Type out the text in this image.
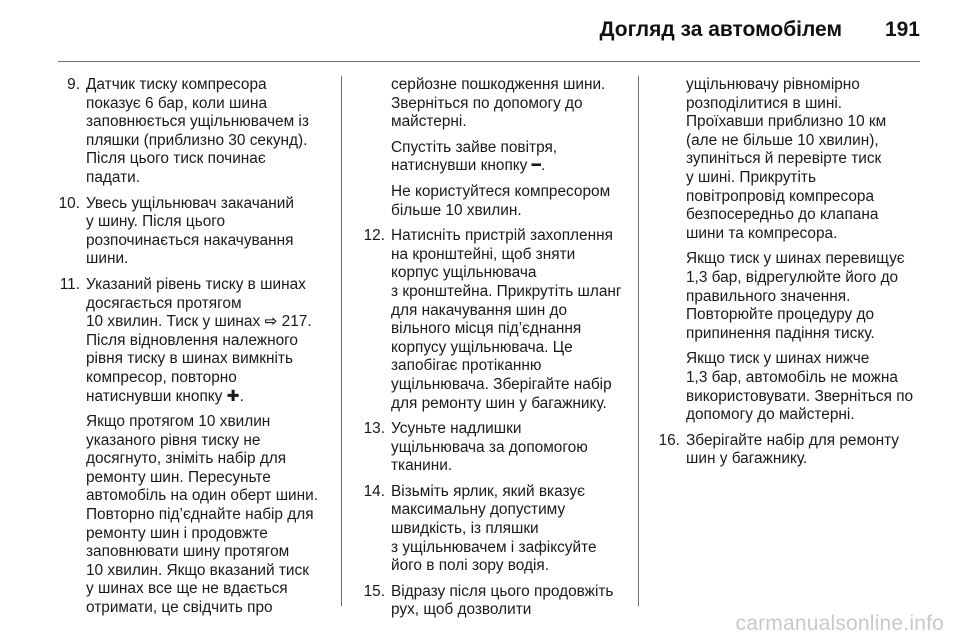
Догляд за автомобілем 191
9. Датчик тиску компресора
показує 6 бар, коли шина
заповнюється ущільнювачем із
пляшки (приблизно 30 секунд).
Після цього тиск починає
падати.
10. Увесь ущільнювач закачаний
у шину. Після цього
розпочинається накачування
шини.
11. Указаний рівень тиску в шинах
досягається протягом
10 хвилин. Тиск у шинах ⇨ 217.
Після відновлення належного
рівня тиску в шинах вимкніть
компресор, повторно
натиснувши кнопку ✚.
Якщо протягом 10 хвилин
указаного рівня тиску не
досягнуто, зніміть набір для
ремонту шин. Пересуньте
автомобіль на один оберт шини.
Повторно під’єднайте набір для
ремонту шин і продовжте
заповнювати шину протягом
10 хвилин. Якщо вказаний тиск
у шинах все ще не вдається
отримати, це свідчить про
серйозне пошкодження шини.
Зверніться по допомогу до
майстерні.
Спустіть зайве повітря,
натиснувши кнопку ━.
Не користуйтеся компресором
більше 10 хвилин.
12. Натисніть пристрій захоплення
на кронштейні, щоб зняти
корпус ущільнювача
з кронштейна. Прикрутіть шланг
для накачування шин до
вільного місця під’єднання
корпусу ущільнювача. Це
запобігає протіканню
ущільнювача. Зберігайте набір
для ремонту шин у багажнику.
13. Усуньте надлишки
ущільнювача за допомогою
тканини.
14. Візьміть ярлик, який вказує
максимальну допустиму
швидкість, із пляшки
з ущільнювачем і зафіксуйте
його в полі зору водія.
15. Відразу після цього продовжіть
рух, щоб дозволити
ущільнювачу рівномірно
розподілитися в шині.
Проїхавши приблизно 10 км
(але не більше 10 хвилин),
зупиніться й перевірте тиск
у шині. Прикрутіть
повітропровід компресора
безпосередньо до клапана
шини та компресора.
Якщо тиск у шинах перевищує
1,3 бар, відрегулюйте його до
правильного значення.
Повторюйте процедуру до
припинення падіння тиску.
Якщо тиск у шинах нижче
1,3 бар, автомобіль не можна
використовувати. Зверніться по
допомогу до майстерні.
16. Зберігайте набір для ремонту
шин у багажнику.
carmanualsonline.info
